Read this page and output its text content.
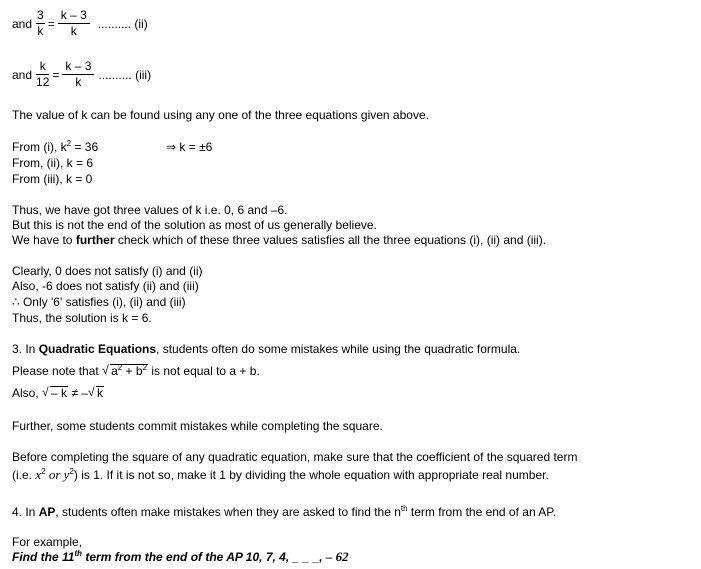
and $\frac{3}{k} = \frac{k - 3}{k}$ .......... (ii)
and $\frac{k}{12} = \frac{k - 3}{k}$ .......... (iii)
The value of k can be found using any one of the three equations given above.
From (i), $k^2 = 36$	⇒ k = ±6
From, (ii), k = 6
From (iii), k = 0
Thus, we have got three values of k i.e. 0, 6 and –6.
But this is not the end of the solution as most of us generally believe.
We have to further check which of these three values satisfies all the three equations (i), (ii) and (iii).
Clearly, 0 does not satisfy (i) and (ii)
Also, -6 does not satisfy (ii) and (iii)
∴ Only '6' satisfies (i), (ii) and (iii)
Thus, the solution is k = 6.
3. In Quadratic Equations, students often do some mistakes while using the quadratic formula.
Please note that √ $a^2 + b^2$ is not equal to a + b.
Also, √ – k ≠ – √ k
Further, some students commit mistakes while completing the square.
Before completing the square of any quadratic equation, make sure that the coefficient of the squared term
(i.e. $x^2$ or $y^2$) is 1. If it is not so, make it 1 by dividing the whole equation with appropriate real number.
4. In AP, students often make mistakes when they are asked to find the $n^{th}$ term from the end of an AP.
For example,
Find the 11th term from the end of the AP 10, 7, 4, _ _ _, – 62
